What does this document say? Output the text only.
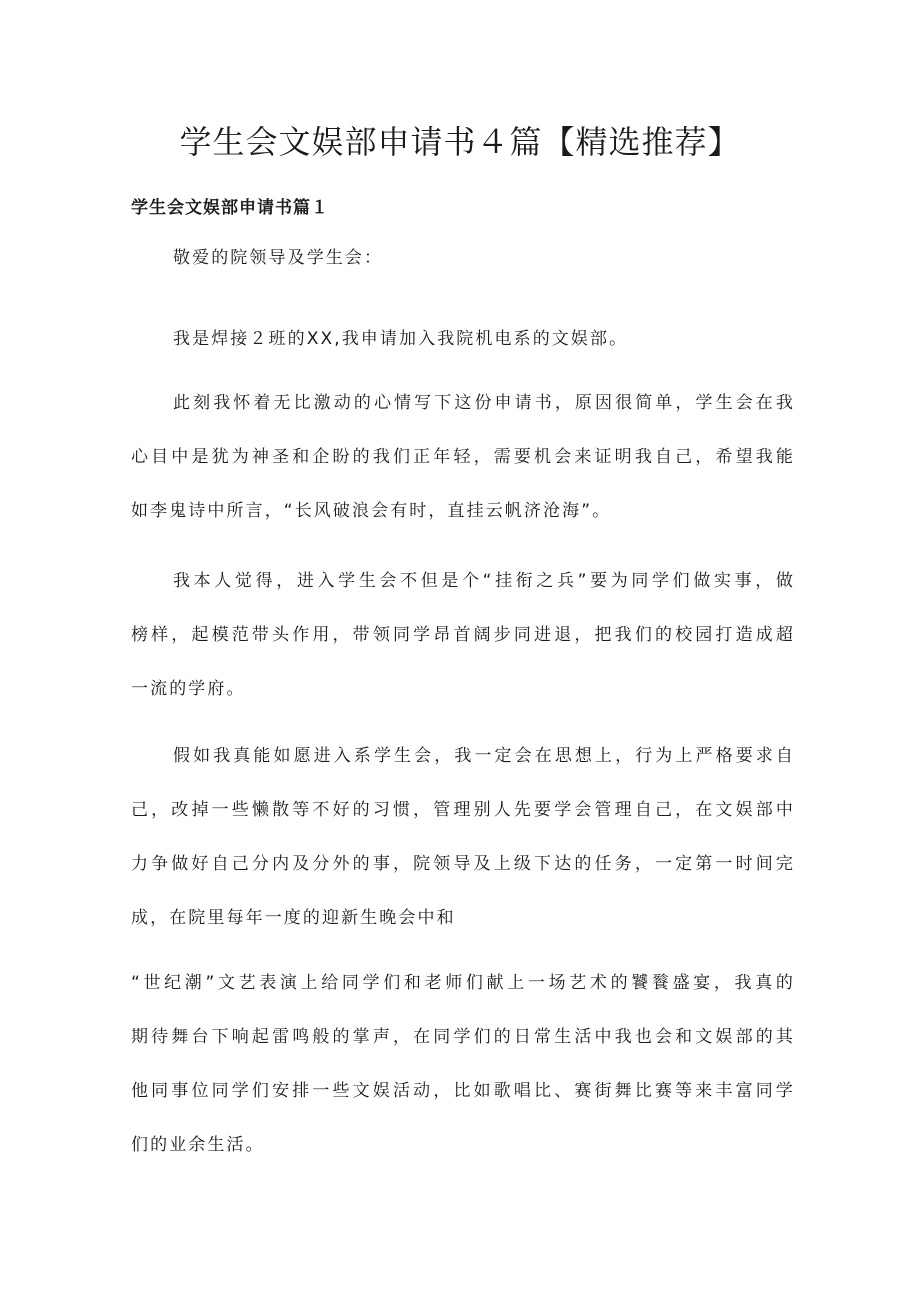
学生会文娱部申请书４篇【精选推荐】
学生会文娱部申请书篇１

敬爱的院领导及学生会：

我是焊接２班的XX,我申请加入我院机电系的文娱部。

此刻我怀着无比激动的心情写下这份申请书，原因很简单，学生会在我
心目中是犹为神圣和企盼的我们正年轻，需要机会来证明我自己，希望我能
如李鬼诗中所言，“长风破浪会有时，直挂云帆济沧海”。

我本人觉得，进入学生会不但是个“挂衔之兵”要为同学们做实事，做
榜样，起模范带头作用，带领同学昂首阔步同进退，把我们的校园打造成超
一流的学府。

假如我真能如愿进入系学生会，我一定会在思想上，行为上严格要求自
己，改掉一些懒散等不好的习惯，管理别人先要学会管理自己，在文娱部中
力争做好自己分内及分外的事，院领导及上级下达的任务，一定第一时间完
成，在院里每年一度的迎新生晚会中和

“世纪潮”文艺表演上给同学们和老师们献上一场艺术的饕餮盛宴，我真的
期待舞台下响起雷鸣般的掌声，在同学们的日常生活中我也会和文娱部的其
他同事位同学们安排一些文娱活动，比如歌唱比、赛街舞比赛等来丰富同学
们的业余生活。
